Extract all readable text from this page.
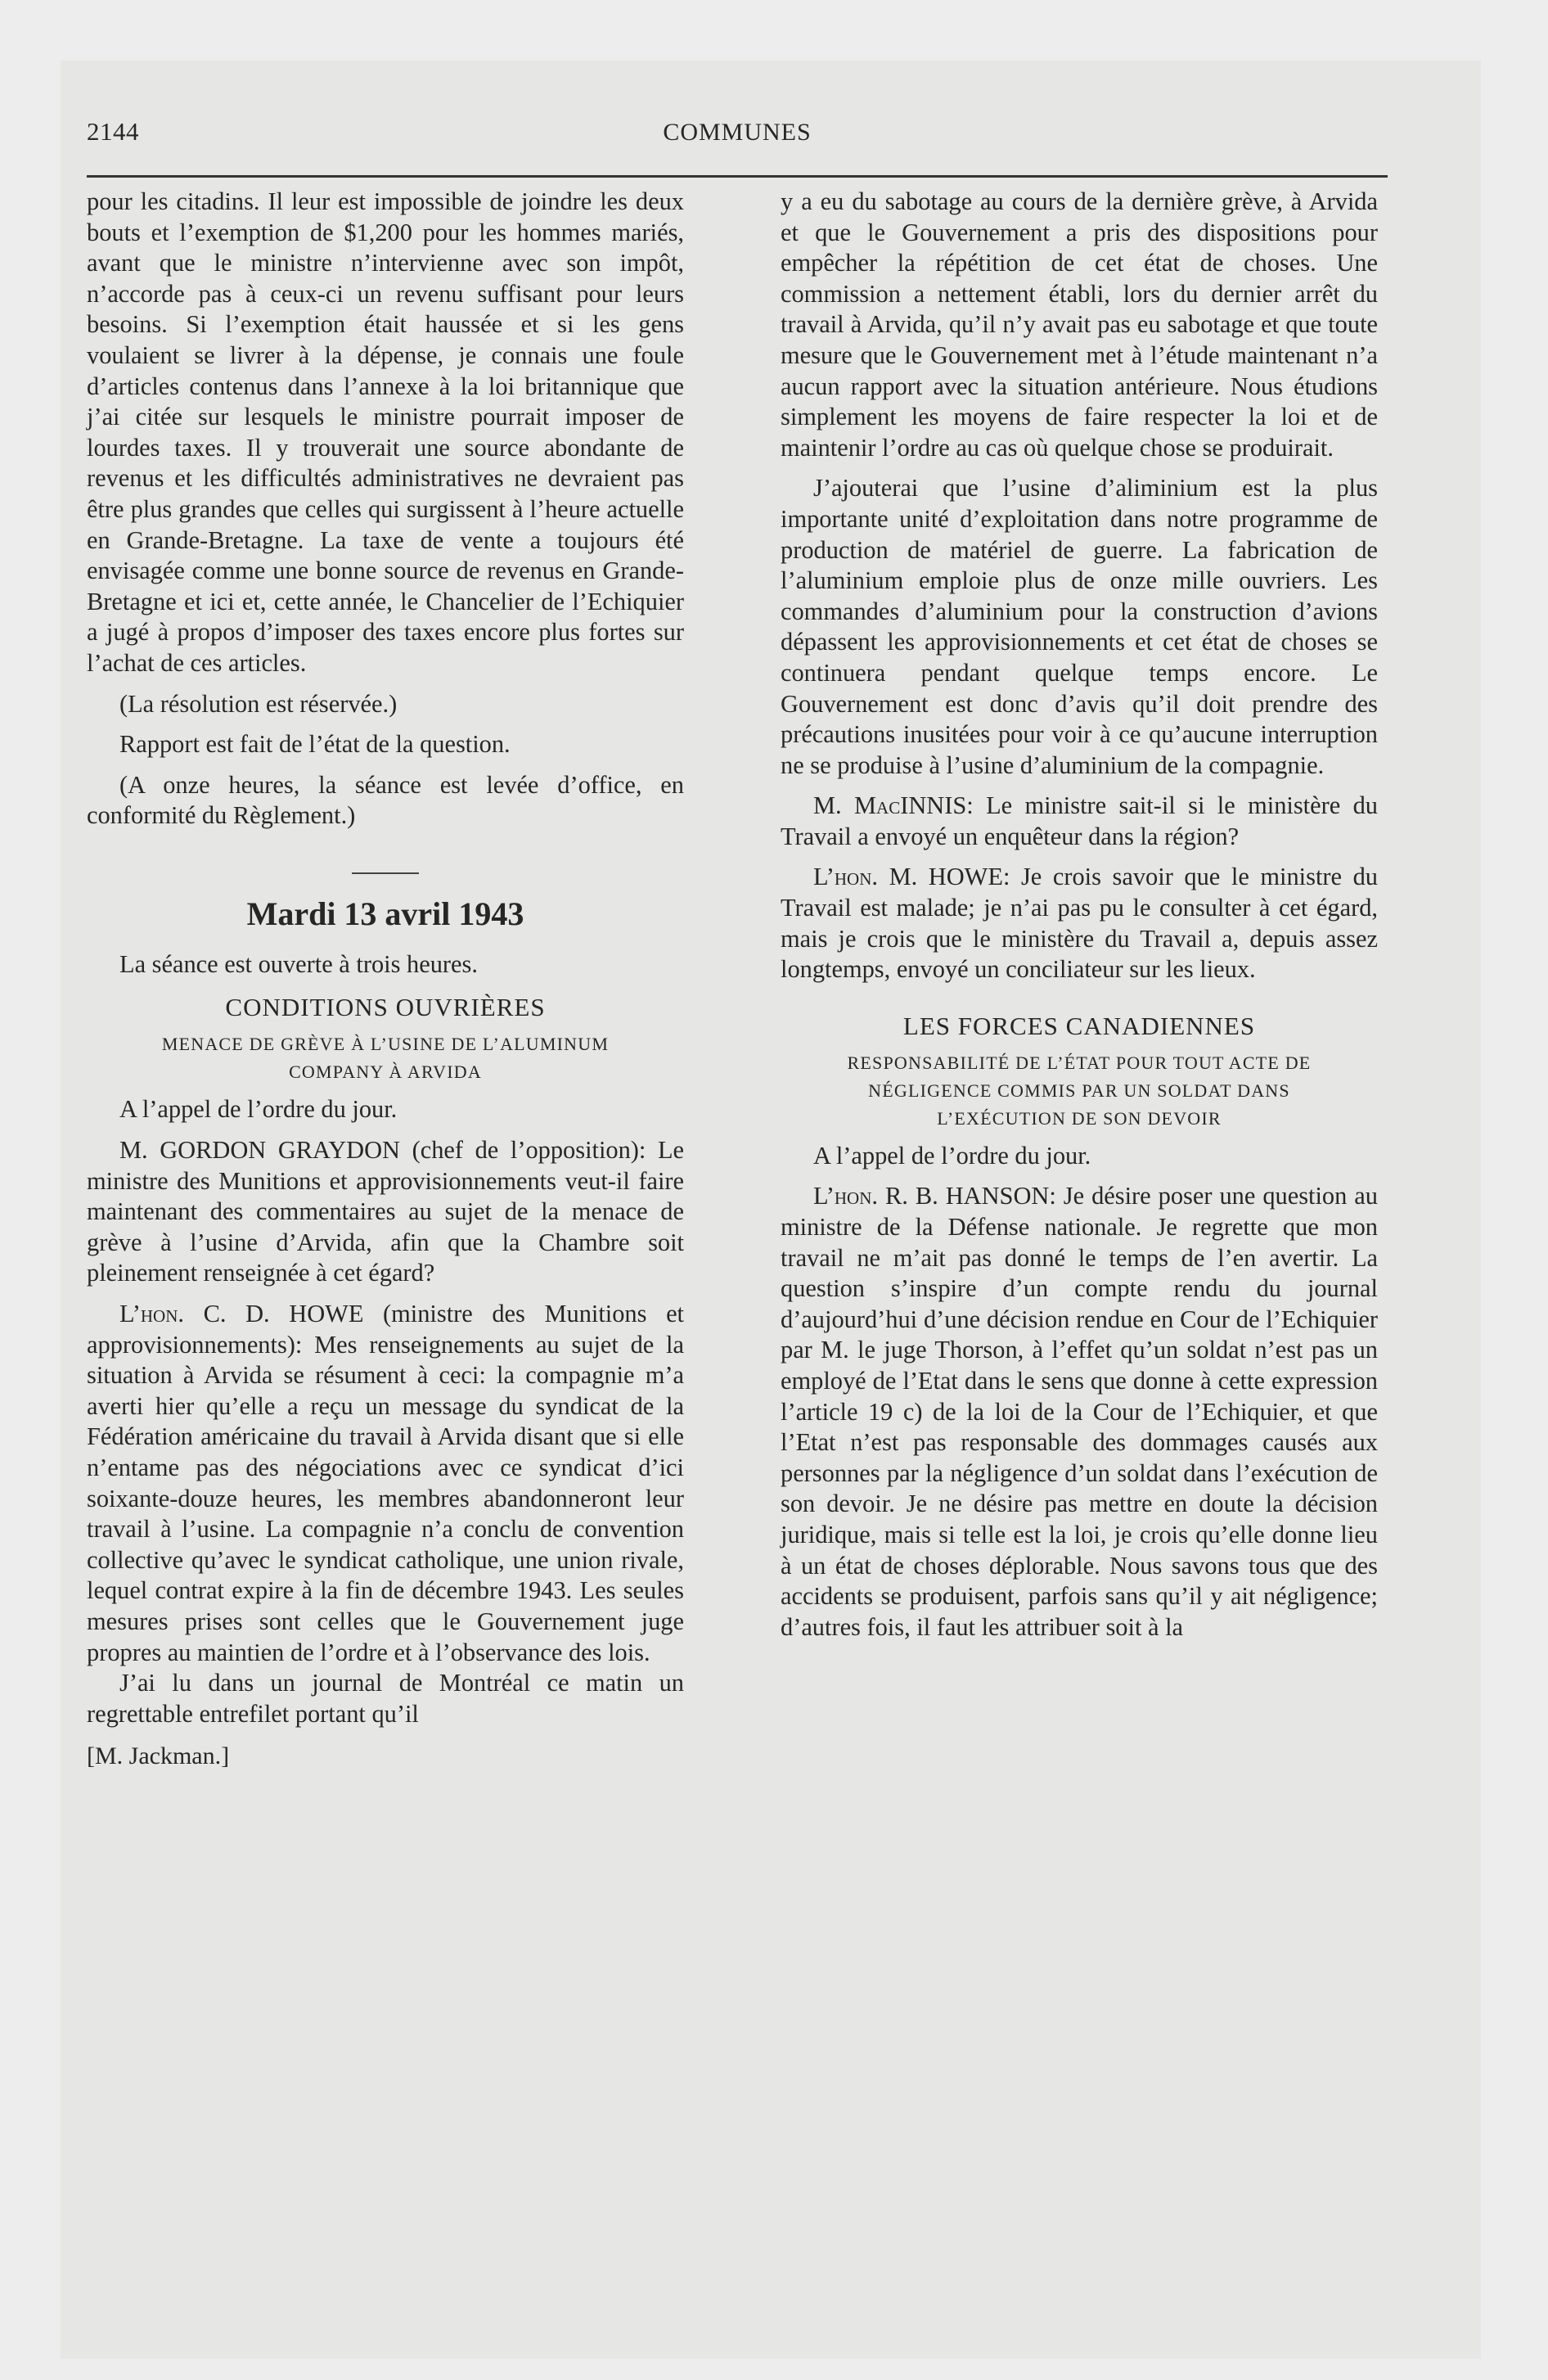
2144	COMMUNES

pour les citadins. Il leur est impossible de joindre les deux bouts et l’exemption de $1,200 pour les hommes mariés, avant que le ministre n’intervienne avec son impôt, n’accorde pas à ceux-ci un revenu suffisant pour leurs besoins. Si l’exemption était haussée et si les gens voulaient se livrer à la dépense, je connais une foule d’articles contenus dans l’annexe à la loi britannique que j’ai citée sur lesquels le ministre pourrait imposer de lourdes taxes. Il y trouverait une source abondante de revenus et les difficultés administratives ne devraient pas être plus grandes que celles qui surgissent à l’heure actuelle en Grande-Bretagne. La taxe de vente a toujours été envisagée comme une bonne source de revenus en Grande-Bretagne et ici et, cette année, le Chancelier de l’Echiquier a jugé à propos d’imposer des taxes encore plus fortes sur l’achat de ces articles.

(La résolution est réservée.)

Rapport est fait de l’état de la question.

(A onze heures, la séance est levée d’office, en conformité du Règlement.)

Mardi 13 avril 1943

La séance est ouverte à trois heures.

CONDITIONS OUVRIÈRES
MENACE DE GRÈVE À L’USINE DE L’ALUMINUM
COMPANY À ARVIDA

A l’appel de l’ordre du jour.

M. GORDON GRAYDON (chef de l’opposition): Le ministre des Munitions et approvisionnements veut-il faire maintenant des commentaires au sujet de la menace de grève à l’usine d’Arvida, afin que la Chambre soit pleinement renseignée à cet égard?

L’hon. C. D. HOWE (ministre des Munitions et approvisionnements): Mes renseignements au sujet de la situation à Arvida se résument à ceci: la compagnie m’a averti hier qu’elle a reçu un message du syndicat de la Fédération américaine du travail à Arvida disant que si elle n’entame pas des négociations avec ce syndicat d’ici soixante-douze heures, les membres abandonneront leur travail à l’usine. La compagnie n’a conclu de convention collective qu’avec le syndicat catholique, une union rivale, lequel contrat expire à la fin de décembre 1943. Les seules mesures prises sont celles que le Gouvernement juge propres au maintien de l’ordre et à l’observance des lois.

J’ai lu dans un journal de Montréal ce matin un regrettable entrefilet portant qu’il

[M. Jackman.]

y a eu du sabotage au cours de la dernière grève, à Arvida et que le Gouvernement a pris des dispositions pour empêcher la répétition de cet état de choses. Une commission a nettement établi, lors du dernier arrêt du travail à Arvida, qu’il n’y avait pas eu sabotage et que toute mesure que le Gouvernement met à l’étude maintenant n’a aucun rapport avec la situation antérieure. Nous étudions simplement les moyens de faire respecter la loi et de maintenir l’ordre au cas où quelque chose se produirait.

J’ajouterai que l’usine d’aliminium est la plus importante unité d’exploitation dans notre programme de production de matériel de guerre. La fabrication de l’aluminium emploie plus de onze mille ouvriers. Les commandes d’aluminium pour la construction d’avions dépassent les approvisionnements et cet état de choses se continuera pendant quelque temps encore. Le Gouvernement est donc d’avis qu’il doit prendre des précautions inusitées pour voir à ce qu’aucune interruption ne se produise à l’usine d’aluminium de la compagnie.

M. MacINNIS: Le ministre sait-il si le ministère du Travail a envoyé un enquêteur dans la région?

L’hon. M. HOWE: Je crois savoir que le ministre du Travail est malade; je n’ai pas pu le consulter à cet égard, mais je crois que le ministère du Travail a, depuis assez longtemps, envoyé un conciliateur sur les lieux.

LES FORCES CANADIENNES
RESPONSABILITÉ DE L’ÉTAT POUR TOUT ACTE DE
NÉGLIGENCE COMMIS PAR UN SOLDAT DANS
L’EXÉCUTION DE SON DEVOIR

A l’appel de l’ordre du jour.

L’hon. R. B. HANSON: Je désire poser une question au ministre de la Défense nationale. Je regrette que mon travail ne m’ait pas donné le temps de l’en avertir. La question s’inspire d’un compte rendu du journal d’aujourd’hui d’une décision rendue en Cour de l’Echiquier par M. le juge Thorson, à l’effet qu’un soldat n’est pas un employé de l’Etat dans le sens que donne à cette expression l’article 19 c) de la loi de la Cour de l’Echiquier, et que l’Etat n’est pas responsable des dommages causés aux personnes par la négligence d’un soldat dans l’exécution de son devoir. Je ne désire pas mettre en doute la décision juridique, mais si telle est la loi, je crois qu’elle donne lieu à un état de choses déplorable. Nous savons tous que des accidents se produisent, parfois sans qu’il y ait négligence; d’autres fois, il faut les attribuer soit à la
